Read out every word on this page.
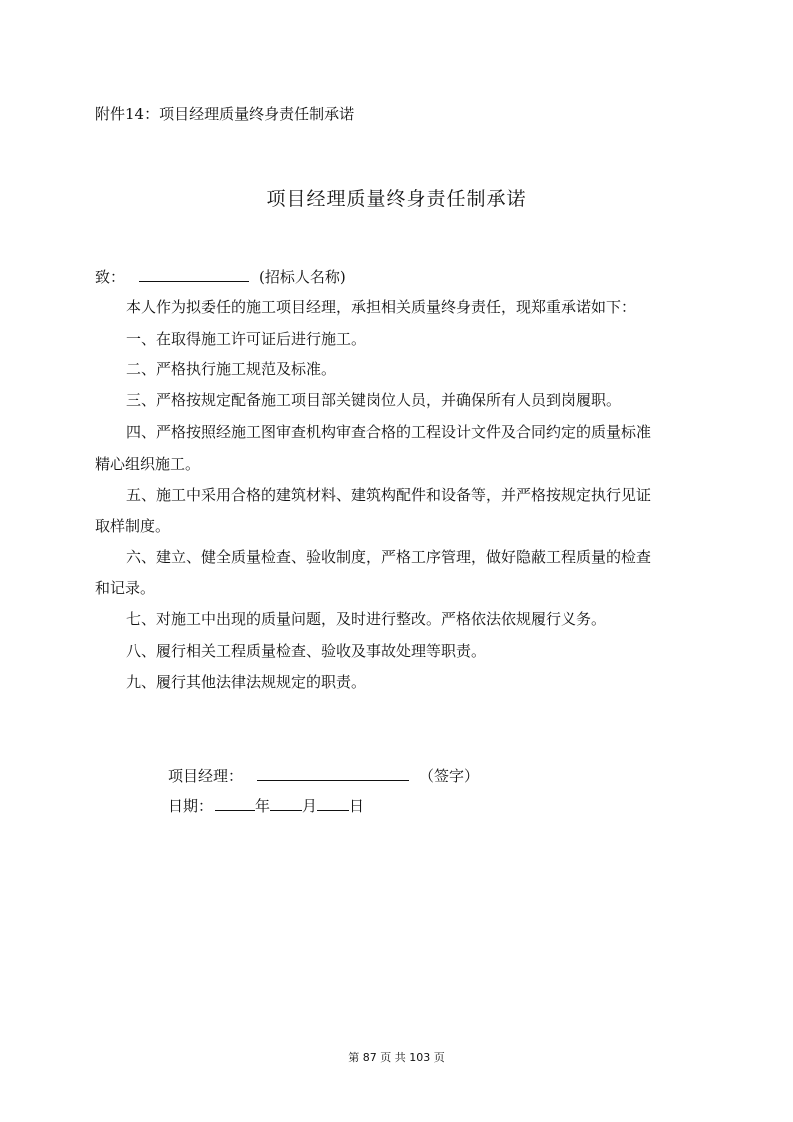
附件14：项目经理质量终身责任制承诺
项目经理质量终身责任制承诺
致：	(招标人名称)
本人作为拟委任的施工项目经理，承担相关质量终身责任，现郑重承诺如下：
一、在取得施工许可证后进行施工。
二、严格执行施工规范及标准。
三、严格按规定配备施工项目部关键岗位人员，并确保所有人员到岗履职。
四、严格按照经施工图审查机构审查合格的工程设计文件及合同约定的质量标准
精心组织施工。
五、施工中采用合格的建筑材料、建筑构配件和设备等，并严格按规定执行见证
取样制度。
六、建立、健全质量检查、验收制度，严格工序管理，做好隐蔽工程质量的检查
和记录。
七、对施工中出现的质量问题，及时进行整改。严格依法依规履行义务。
八、履行相关工程质量检查、验收及事故处理等职责。
九、履行其他法律法规规定的职责。
项目经理：	（签字）
日期：	年 月 日
第 87 页 共 103 页
